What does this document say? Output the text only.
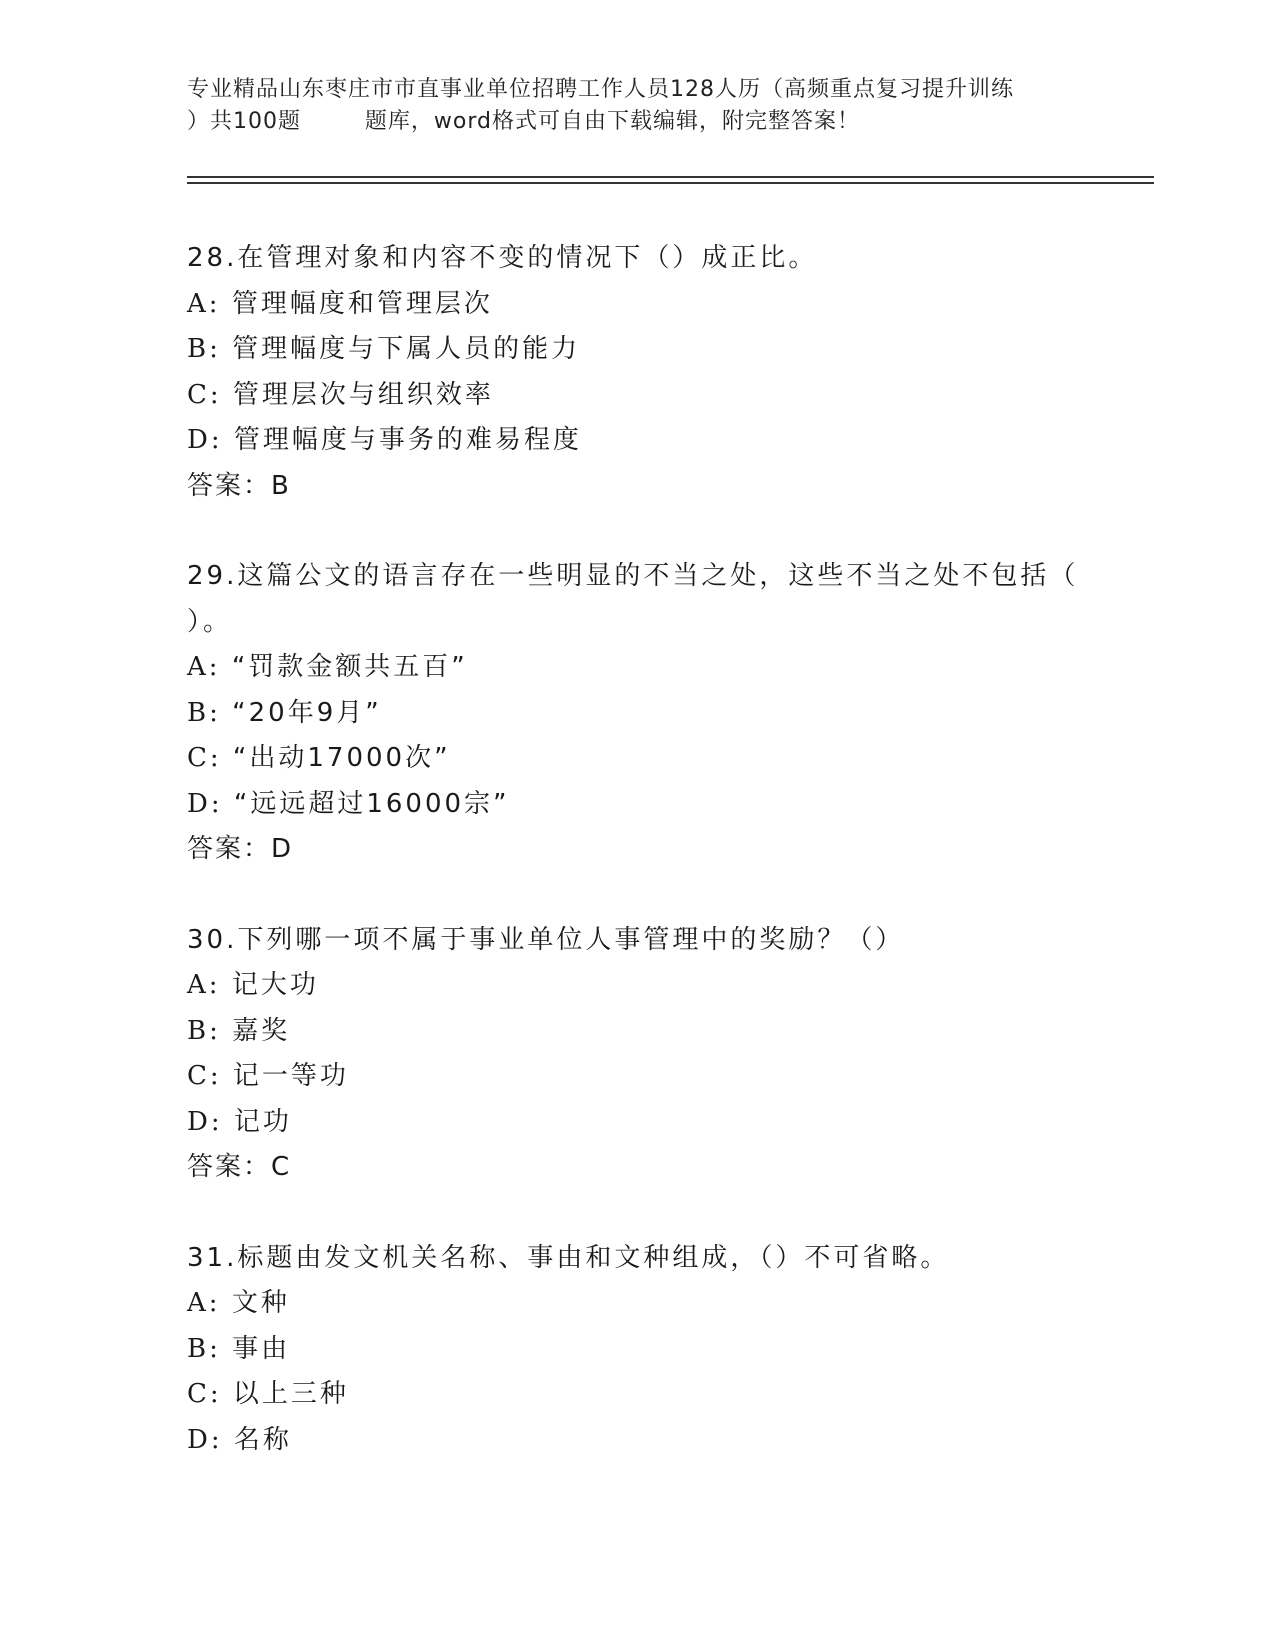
专业精品山东枣庄市市直事业单位招聘工作人员128人历（高频重点复习提升训练
）共100题        题库，word格式可自由下载编辑，附完整答案！
28.在管理对象和内容不变的情况下（）成正比。
A: 管理幅度和管理层次
B: 管理幅度与下属人员的能力
C: 管理层次与组织效率
D: 管理幅度与事务的难易程度
答案：B
29.这篇公文的语言存在一些明显的不当之处，这些不当之处不包括（
）。
A: “罚款金额共五百”
B: “20年9月”
C: “出动17000次”
D: “远远超过16000宗”
答案：D
30.下列哪一项不属于事业单位人事管理中的奖励？（）
A: 记大功
B: 嘉奖
C: 记一等功
D: 记功
答案：C
31.标题由发文机关名称、事由和文种组成，（）不可省略。
A: 文种
B: 事由
C: 以上三种
D: 名称
